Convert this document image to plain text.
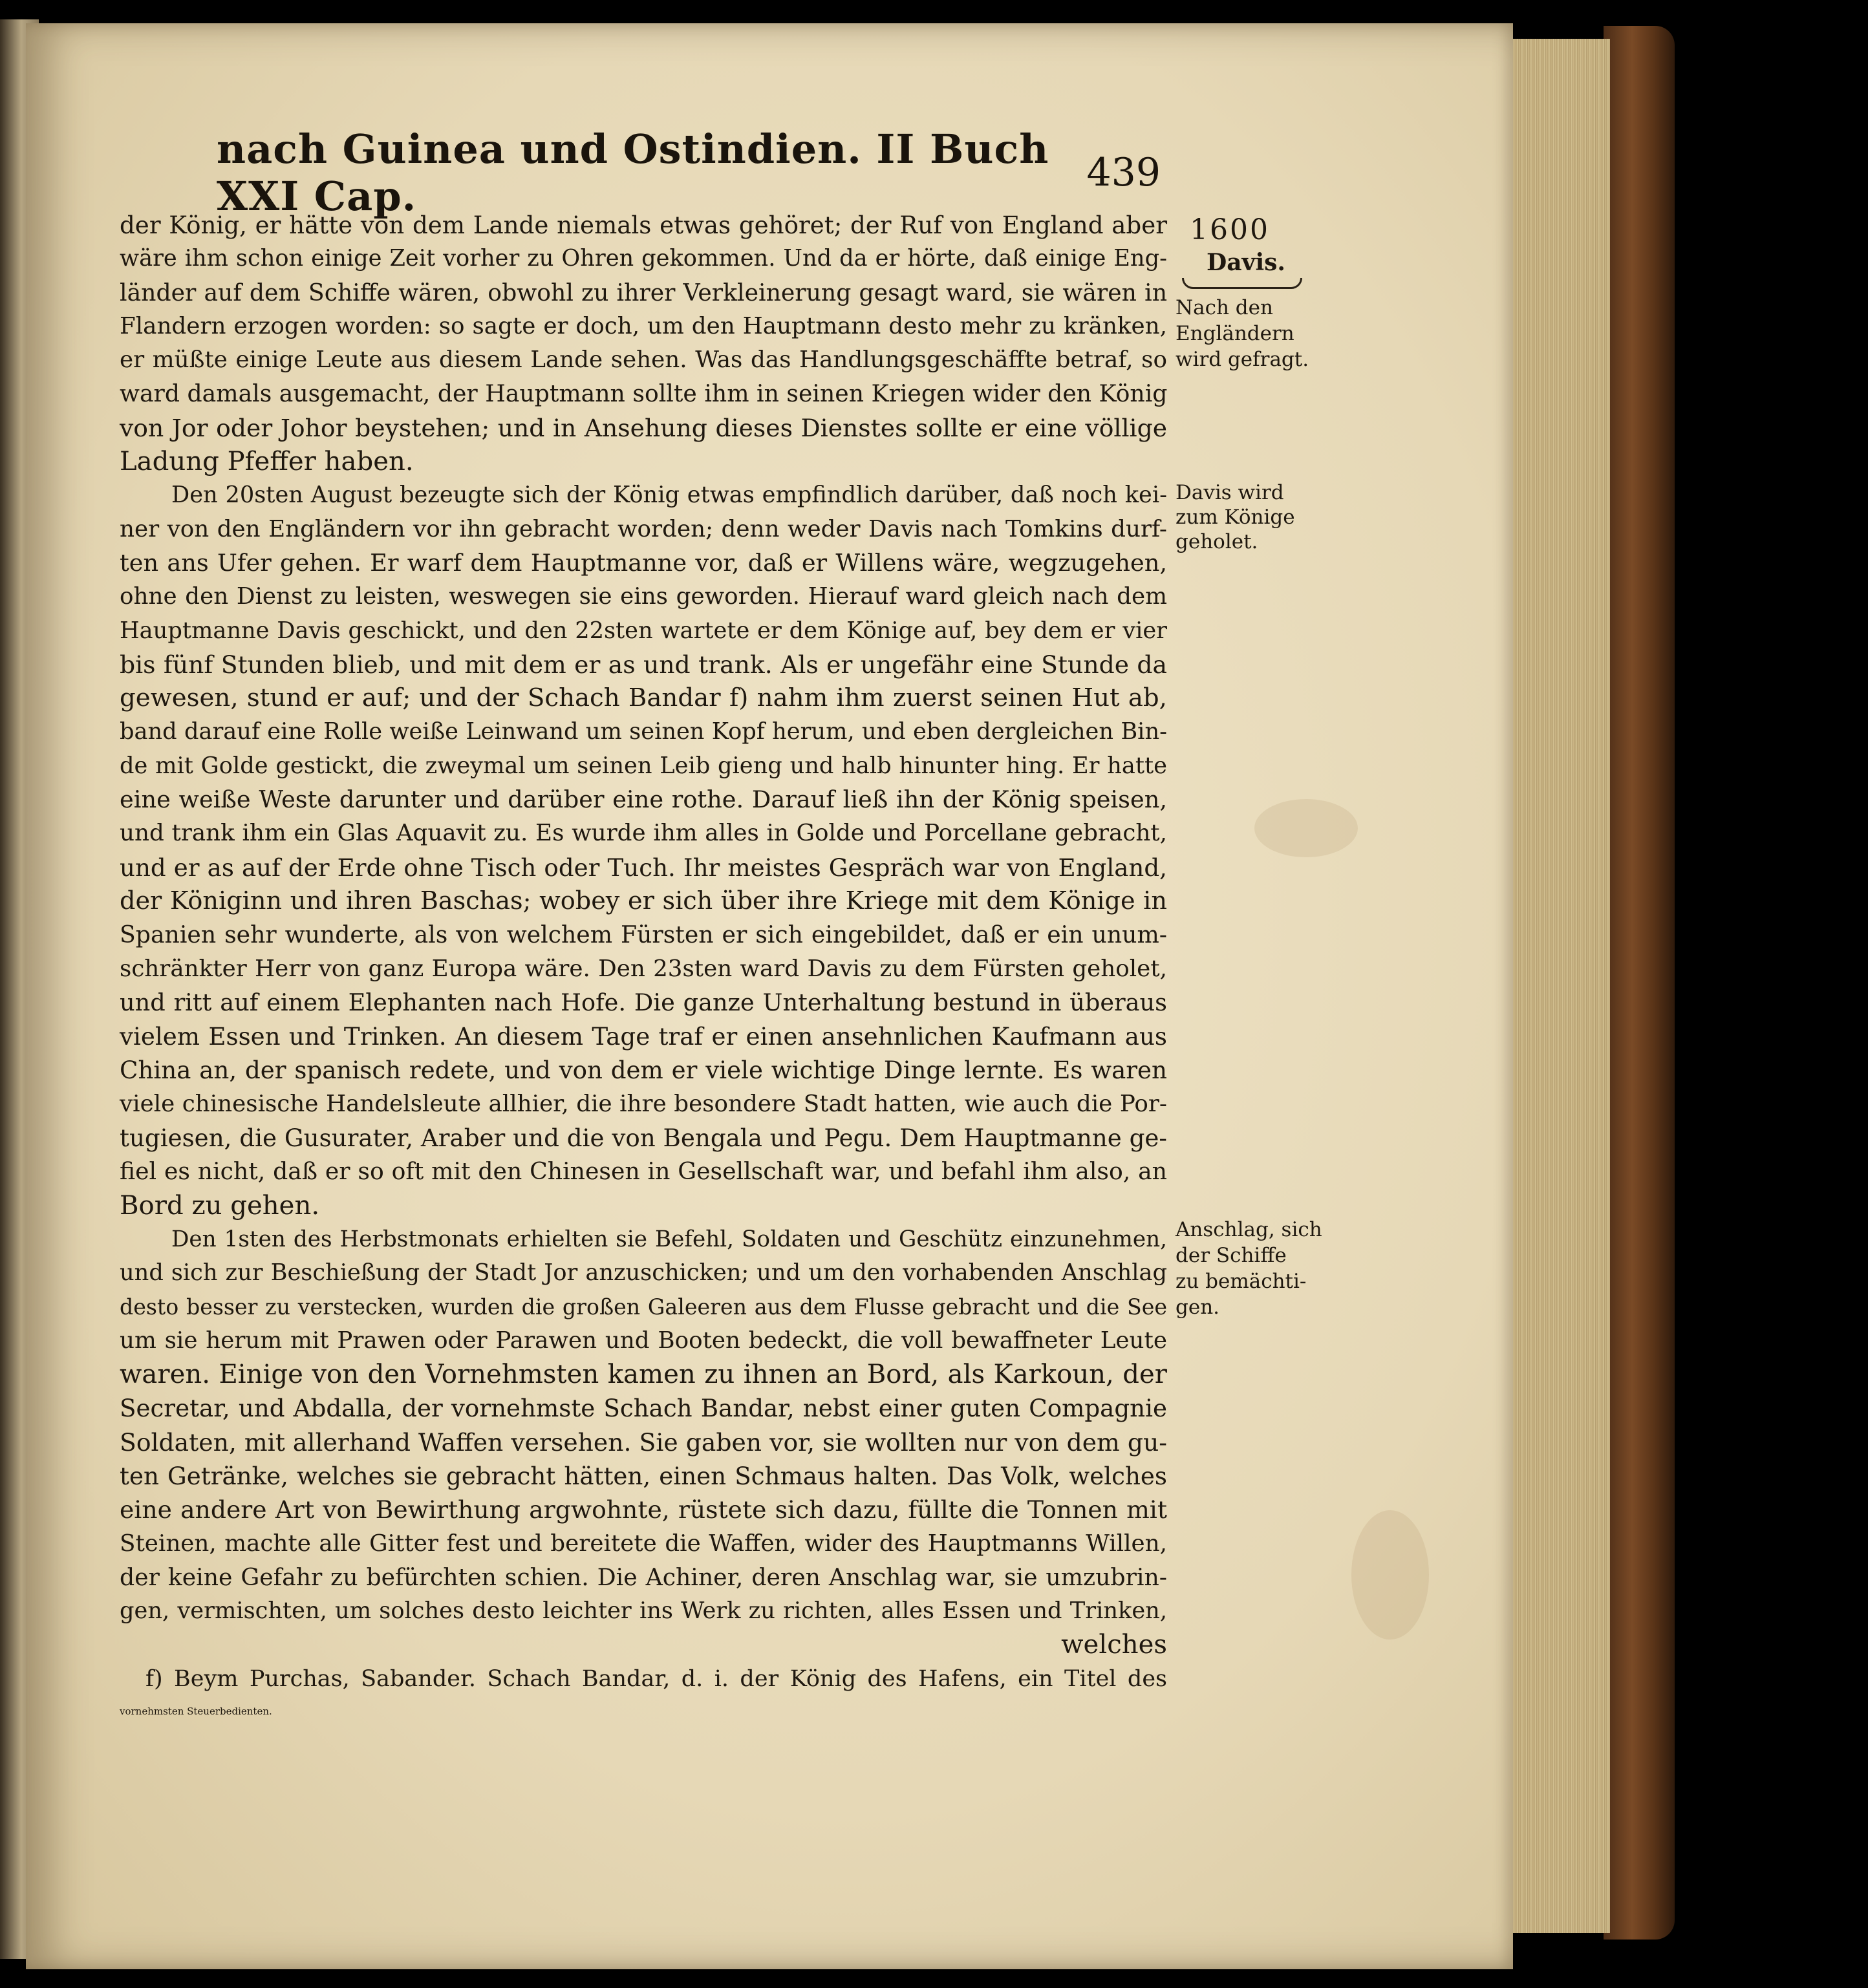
nach Guinea und Ostindien. II Buch XXI Cap.	439
der König, er hätte von dem Lande niemals etwas gehöret; der Ruf von England aber
wäre ihm schon einige Zeit vorher zu Ohren gekommen. Und da er hörte, daß einige Eng-
länder auf dem Schiffe wären, obwohl zu ihrer Verkleinerung gesagt ward, sie wären in
Flandern erzogen worden: so sagte er doch, um den Hauptmann desto mehr zu kränken,
er müßte einige Leute aus diesem Lande sehen. Was das Handlungsgeschäffte betraf, so
ward damals ausgemacht, der Hauptmann sollte ihm in seinen Kriegen wider den König
von Jor oder Johor beystehen; und in Ansehung dieses Dienstes sollte er eine völlige
Ladung Pfeffer haben.
Den 20sten August bezeugte sich der König etwas empfindlich darüber, daß noch kei-
ner von den Engländern vor ihn gebracht worden; denn weder Davis nach Tomkins durf-
ten ans Ufer gehen. Er warf dem Hauptmanne vor, daß er Willens wäre, wegzugehen,
ohne den Dienst zu leisten, weswegen sie eins geworden. Hierauf ward gleich nach dem
Hauptmanne Davis geschickt, und den 22sten wartete er dem Könige auf, bey dem er vier
bis fünf Stunden blieb, und mit dem er as und trank. Als er ungefähr eine Stunde da
gewesen, stund er auf; und der Schach Bandar f) nahm ihm zuerst seinen Hut ab,
band darauf eine Rolle weiße Leinwand um seinen Kopf herum, und eben dergleichen Bin-
de mit Golde gestickt, die zweymal um seinen Leib gieng und halb hinunter hing. Er hatte
eine weiße Weste darunter und darüber eine rothe. Darauf ließ ihn der König speisen,
und trank ihm ein Glas Aquavit zu. Es wurde ihm alles in Golde und Porcellane gebracht,
und er as auf der Erde ohne Tisch oder Tuch. Ihr meistes Gespräch war von England,
der Königinn und ihren Baschas; wobey er sich über ihre Kriege mit dem Könige in
Spanien sehr wunderte, als von welchem Fürsten er sich eingebildet, daß er ein unum-
schränkter Herr von ganz Europa wäre. Den 23sten ward Davis zu dem Fürsten geholet,
und ritt auf einem Elephanten nach Hofe. Die ganze Unterhaltung bestund in überaus
vielem Essen und Trinken. An diesem Tage traf er einen ansehnlichen Kaufmann aus
China an, der spanisch redete, und von dem er viele wichtige Dinge lernte. Es waren
viele chinesische Handelsleute allhier, die ihre besondere Stadt hatten, wie auch die Por-
tugiesen, die Gusurater, Araber und die von Bengala und Pegu. Dem Hauptmanne ge-
fiel es nicht, daß er so oft mit den Chinesen in Gesellschaft war, und befahl ihm also, an
Bord zu gehen.
Den 1sten des Herbstmonats erhielten sie Befehl, Soldaten und Geschütz einzunehmen,
und sich zur Beschießung der Stadt Jor anzuschicken; und um den vorhabenden Anschlag
desto besser zu verstecken, wurden die großen Galeeren aus dem Flusse gebracht und die See
um sie herum mit Prawen oder Parawen und Booten bedeckt, die voll bewaffneter Leute
waren. Einige von den Vornehmsten kamen zu ihnen an Bord, als Karkoun, der
Secretar, und Abdalla, der vornehmste Schach Bandar, nebst einer guten Compagnie
Soldaten, mit allerhand Waffen versehen. Sie gaben vor, sie wollten nur von dem gu-
ten Getränke, welches sie gebracht hätten, einen Schmaus halten. Das Volk, welches
eine andere Art von Bewirthung argwohnte, rüstete sich dazu, füllte die Tonnen mit
Steinen, machte alle Gitter fest und bereitete die Waffen, wider des Hauptmanns Willen,
der keine Gefahr zu befürchten schien. Die Achiner, deren Anschlag war, sie umzubrin-
gen, vermischten, um solches desto leichter ins Werk zu richten, alles Essen und Trinken,
welches
1600
Davis.
Nach den
Engländern
wird gefragt.
Davis wird
zum Könige
geholet.
Anschlag, sich
der Schiffe
zu bemächti-
gen.
f) Beym Purchas, Sabander. Schach Bandar, d. i. der König des Hafens, ein Titel des
vornehmsten Steuerbedienten.
